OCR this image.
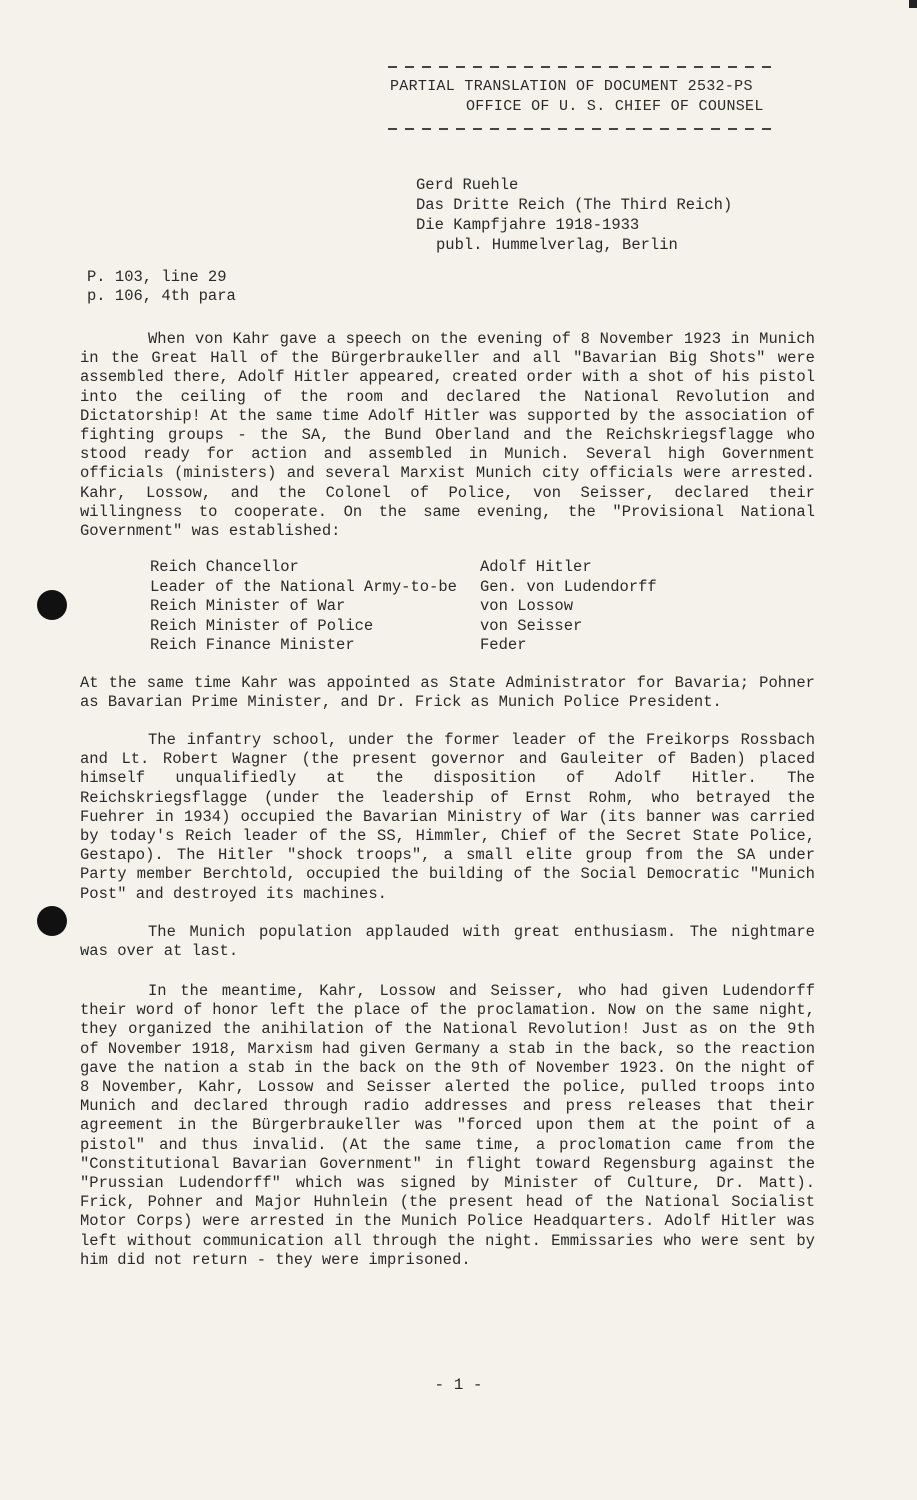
PARTIAL TRANSLATION OF DOCUMENT 2532-PS
OFFICE OF U. S. CHIEF OF COUNSEL
Gerd Ruehle
Das Dritte Reich (The Third Reich)
Die Kampfjahre 1918-1933
publ. Hummelverlag, Berlin
P. 103, line 29
p. 106, 4th para

When von Kahr gave a speech on the evening of 8 November 1923 in Munich in the Great Hall of the Bürgerbraukeller and all "Bavarian Big Shots" were assembled there, Adolf Hitler appeared, created order with a shot of his pistol into the ceiling of the room and declared the National Revolution and Dictatorship! At the same time Adolf Hitler was supported by the association of fighting groups - the SA, the Bund Oberland and the Reichskriegsflagge who stood ready for action and assembled in Munich. Several high Government officials (ministers) and several Marxist Munich city officials were arrested. Kahr, Lossow, and the Colonel of Police, von Seisser, declared their willingness to cooperate. On the same evening, the "Provisional National Government" was established:

Reich Chancellor	Adolf Hitler
Leader of the National Army-to-be	Gen. von Ludendorff
Reich Minister of War	von Lossow
Reich Minister of Police	von Seisser
Reich Finance Minister	Feder

At the same time Kahr was appointed as State Administrator for Bavaria; Pohner as Bavarian Prime Minister, and Dr. Frick as Munich Police President.

The infantry school, under the former leader of the Freikorps Rossbach and Lt. Robert Wagner (the present governor and Gauleiter of Baden) placed himself unqualifiedly at the disposition of Adolf Hitler. The Reichskriegsflagge (under the leadership of Ernst Rohm, who betrayed the Fuehrer in 1934) occupied the Bavarian Ministry of War (its banner was carried by today's Reich leader of the SS, Himmler, Chief of the Secret State Police, Gestapo). The Hitler "shock troops", a small elite group from the SA under Party member Berchtold, occupied the building of the Social Democratic "Munich Post" and destroyed its machines.

The Munich population applauded with great enthusiasm. The nightmare was over at last.

In the meantime, Kahr, Lossow and Seisser, who had given Ludendorff their word of honor left the place of the proclamation. Now on the same night, they organized the anihilation of the National Revolution! Just as on the 9th of November 1918, Marxism had given Germany a stab in the back, so the reaction gave the nation a stab in the back on the 9th of November 1923. On the night of 8 November, Kahr, Lossow and Seisser alerted the police, pulled troops into Munich and declared through radio addresses and press releases that their agreement in the Bürgerbraukeller was "forced upon them at the point of a pistol" and thus invalid. (At the same time, a proclomation came from the "Constitutional Bavarian Government" in flight toward Regensburg against the "Prussian Ludendorff" which was signed by Minister of Culture, Dr. Matt). Frick, Pohner and Major Huhnlein (the present head of the National Socialist Motor Corps) were arrested in the Munich Police Headquarters. Adolf Hitler was left without communication all through the night. Emmissaries who were sent by him did not return - they were imprisoned.

- 1 -
